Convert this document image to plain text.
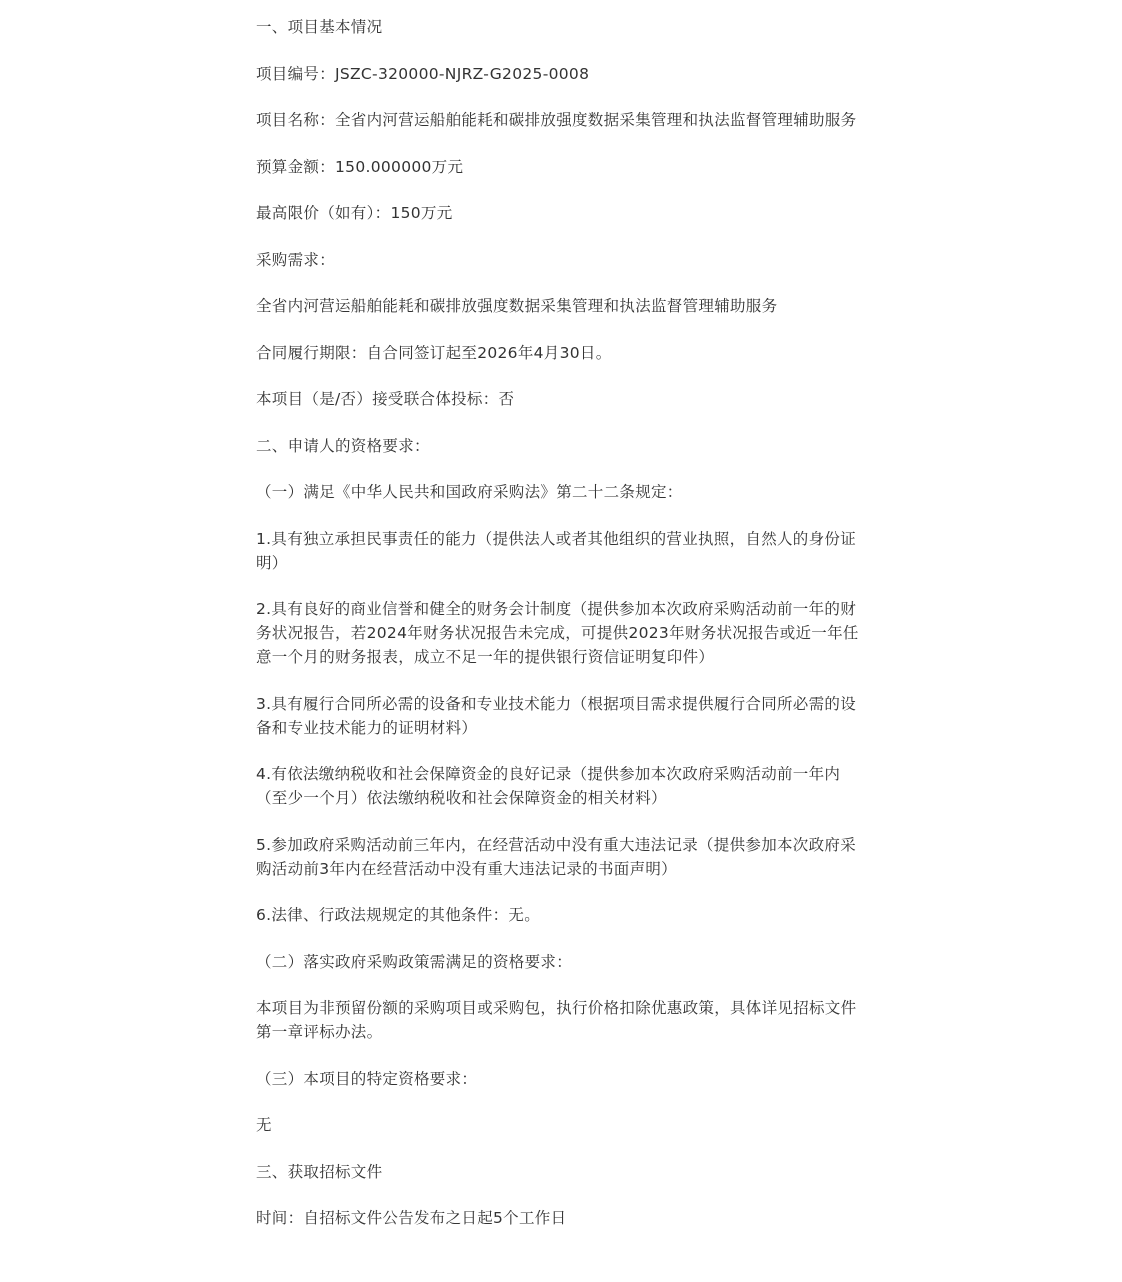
一、项目基本情况

项目编号：JSZC-320000-NJRZ-G2025-0008

项目名称：全省内河营运船舶能耗和碳排放强度数据采集管理和执法监督管理辅助服务

预算金额：150.000000万元

最高限价（如有）：150万元

采购需求：

全省内河营运船舶能耗和碳排放强度数据采集管理和执法监督管理辅助服务

合同履行期限：自合同签订起至2026年4月30日。

本项目（是/否）接受联合体投标：否

二、申请人的资格要求：

（一）满足《中华人民共和国政府采购法》第二十二条规定：

1.具有独立承担民事责任的能力（提供法人或者其他组织的营业执照，自然人的身份证明）

2.具有良好的商业信誉和健全的财务会计制度（提供参加本次政府采购活动前一年的财务状况报告，若2024年财务状况报告未完成，可提供2023年财务状况报告或近一年任意一个月的财务报表，成立不足一年的提供银行资信证明复印件）

3.具有履行合同所必需的设备和专业技术能力（根据项目需求提供履行合同所必需的设备和专业技术能力的证明材料）

4.有依法缴纳税收和社会保障资金的良好记录（提供参加本次政府采购活动前一年内（至少一个月）依法缴纳税收和社会保障资金的相关材料）

5.参加政府采购活动前三年内，在经营活动中没有重大违法记录（提供参加本次政府采购活动前3年内在经营活动中没有重大违法记录的书面声明）

6.法律、行政法规规定的其他条件：无。

（二）落实政府采购政策需满足的资格要求：

本项目为非预留份额的采购项目或采购包，执行价格扣除优惠政策，具体详见招标文件第一章评标办法。

（三）本项目的特定资格要求：

无

三、获取招标文件

时间：自招标文件公告发布之日起5个工作日
